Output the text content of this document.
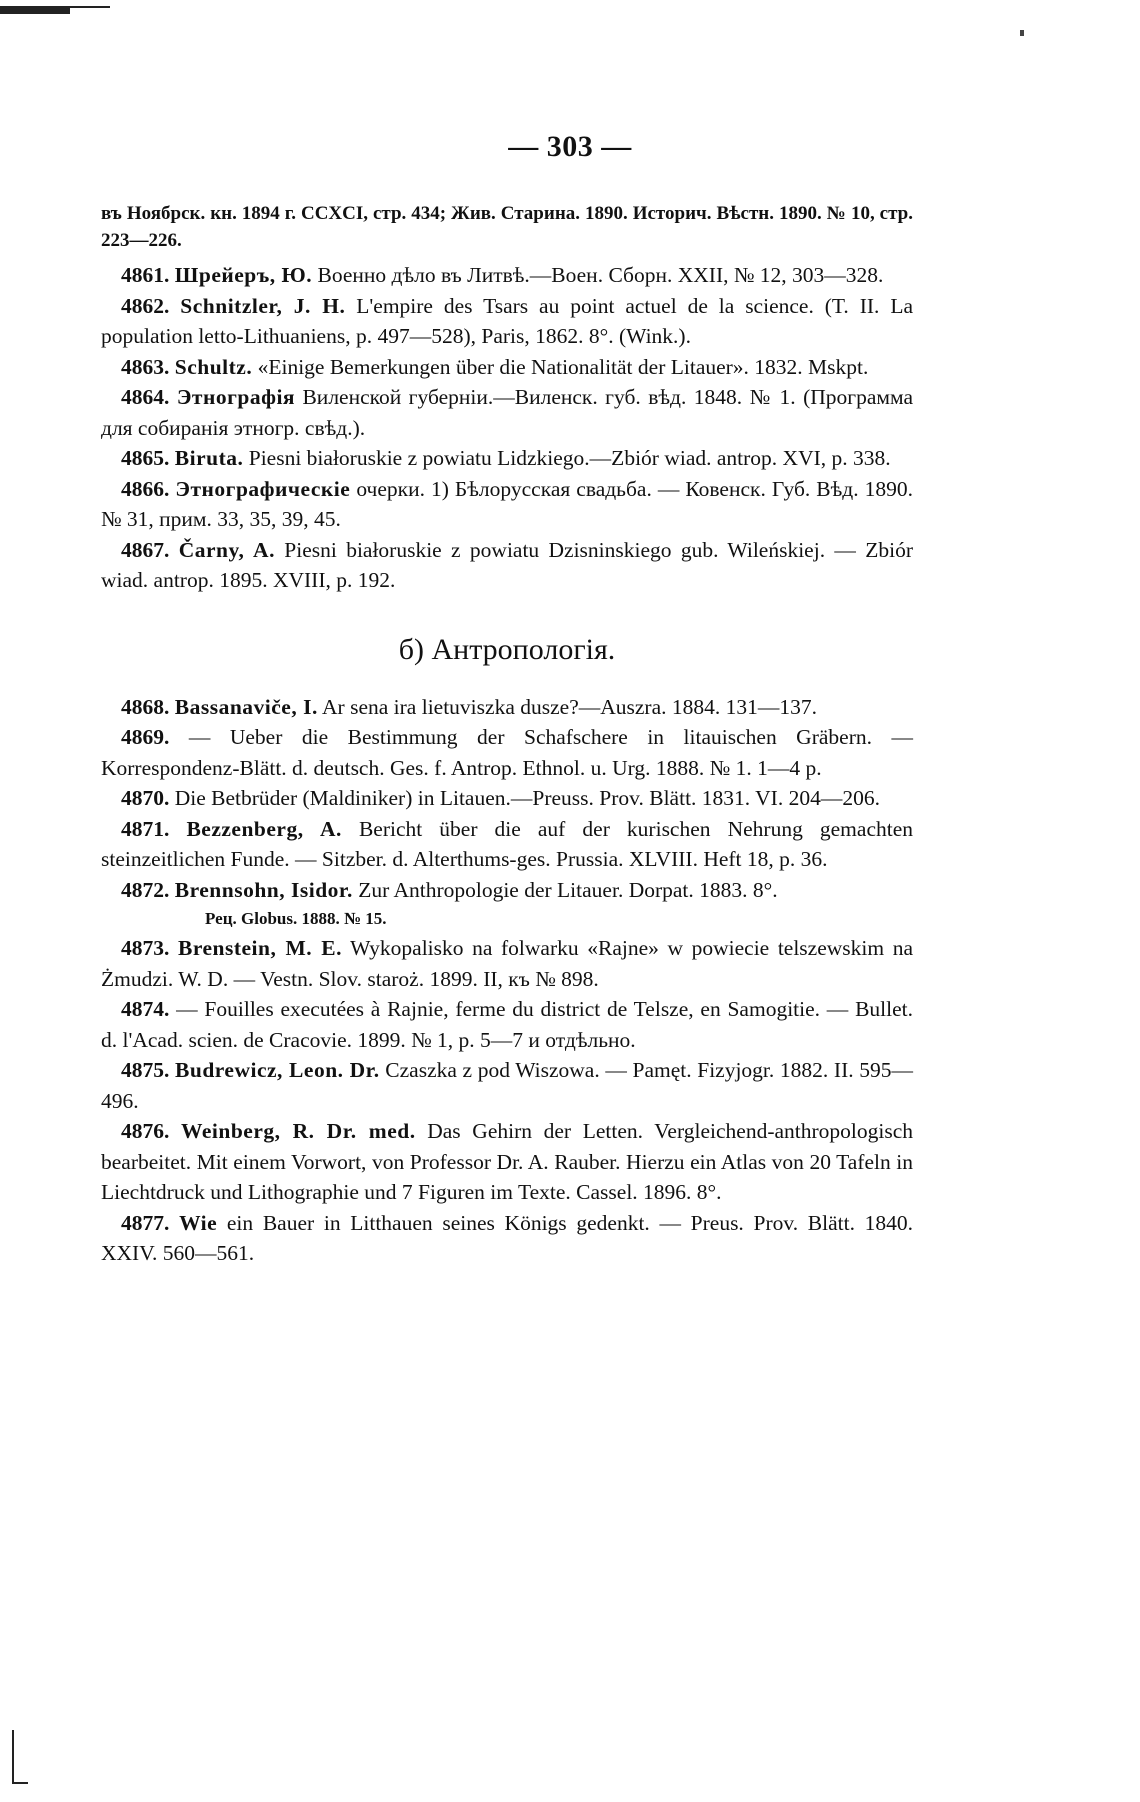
— 303 —

въ Ноябрск. кн. 1894 г. CCXCI, стр. 434; Жив. Старина. 1890. Историч. Вѣстн. 1890. № 10, стр. 223—226.

4861. Шрейеръ, Ю. Военно дѣло въ Литвѣ.—Воен. Сборн. XXII, № 12, 303—328.

4862. Schnitzler, J. H. L'empire des Tsars au point actuel de la science. (T. II. La population letto-Lithuaniens, p. 497—528), Paris, 1862. 8°. (Wink.).

4863. Schultz. «Einige Bemerkungen über die Nationalität der Litauer». 1832. Mskpt.

4864. Этнографія Виленской губерніи.—Виленск. губ. вѣд. 1848. № 1. (Программа для собиранія этногр. свѣд.).

4865. Biruta. Piesni białoruskie z powiatu Lidzkiego.—Zbiór wiad. antrop. XVI, p. 338.

4866. Этнографическіе очерки. 1) Бѣлорусская свадьба. — Ковенск. Губ. Вѣд. 1890. № 31, прим. 33, 35, 39, 45.

4867. Čarny, A. Piesni białoruskie z powiatu Dzisninskiego gub. Wileńskiej. — Zbiór wiad. antrop. 1895. XVIII, p. 192.

б) Антропологія.

4868. Bassanavičе, I. Ar sena ira lietuviszka dusze?—Auszra. 1884. 131—137.

4869. — Ueber die Bestimmung der Schafschere in litauischen Gräbern. — Korrespondenz-Blätt. d. deutsch. Ges. f. Antrop. Ethnol. u. Urg. 1888. № 1. 1—4 p.

4870. Die Betbrüder (Maldiniker) in Litauen.—Preuss. Prov. Blätt. 1831. VI. 204—206.

4871. Bezzenberg, A. Bericht über die auf der kurischen Nehrung gemachten steinzeitlichen Funde. — Sitzber. d. Alterthums-ges. Prussia. XLVIII. Heft 18, p. 36.

4872. Brennsohn, Isidor. Zur Anthropologie der Litauer. Dorpat. 1883. 8°.

Рец. Globus. 1888. № 15.

4873. Brenstein, M. E. Wykopalisko na folwarku «Rajne» w powiecie telszewskim na Żmudzi. W. D. — Vestn. Slov. staroż. 1899. II, къ № 898.

4874. — Fouilles executées à Rajnie, ferme du district de Telsze, en Samogitie. — Bullet. d. l'Acad. scien. de Cracovie. 1899. № 1, p. 5—7 и отдѣльно.

4875. Budrewicz, Leon. Dr. Czaszka z pod Wiszowa. — Pamęt. Fizyjogr. 1882. II. 595—496.

4876. Weinberg, R. Dr. med. Das Gehirn der Letten. Vergleichend-anthropologisch bearbeitet. Mit einem Vorwort, von Professor Dr. A. Rauber. Hierzu ein Atlas von 20 Tafeln in Liechtdruck und Lithographie und 7 Figuren im Texte. Cassel. 1896. 8°.

4877. Wie ein Bauer in Litthauen seines Königs gedenkt. — Preus. Prov. Blätt. 1840. XXIV. 560—561.
